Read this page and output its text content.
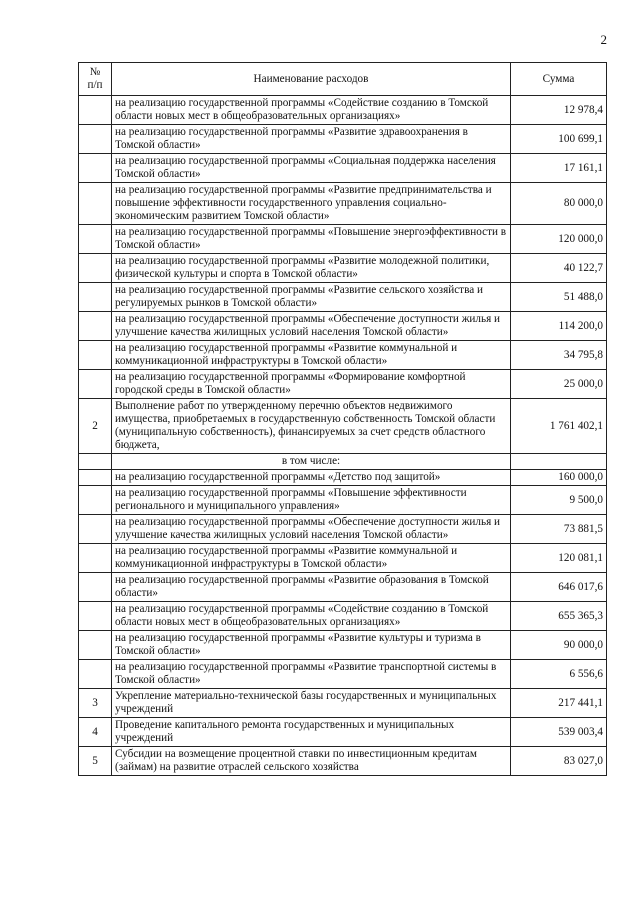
2
№
п/п	Наименование расходов	Сумма
	на реализацию государственной программы «Содействие созданию в Томской области новых мест в общеобразовательных организациях»	12 978,4
	на реализацию государственной программы «Развитие здравоохранения в Томской области»	100 699,1
	на реализацию государственной программы «Социальная поддержка населения Томской области»	17 161,1
	на реализацию государственной программы «Развитие предпринимательства и повышение эффективности государственного управления социально-экономическим развитием Томской области»	80 000,0
	на реализацию государственной программы «Повышение энергоэффективности в Томской области»	120 000,0
	на реализацию государственной программы «Развитие молодежной политики, физической культуры и спорта в Томской области»	40 122,7
	на реализацию государственной программы «Развитие сельского хозяйства и регулируемых рынков в Томской области»	51 488,0
	на реализацию государственной программы «Обеспечение доступности жилья и улучшение качества жилищных условий населения Томской области»	114 200,0
	на реализацию государственной программы «Развитие коммунальной и коммуникационной инфраструктуры в Томской области»	34 795,8
	на реализацию государственной программы «Формирование комфортной городской среды в Томской области»	25 000,0
2	Выполнение работ по утвержденному перечню объектов недвижимого имущества, приобретаемых в государственную собственность Томской области (муниципальную собственность), финансируемых за счет средств областного бюджета,	1 761 402,1
	в том числе:	
	на реализацию государственной программы «Детство под защитой»	160 000,0
	на реализацию государственной программы «Повышение эффективности регионального и муниципального управления»	9 500,0
	на реализацию государственной программы «Обеспечение доступности жилья и улучшение качества жилищных условий населения Томской области»	73 881,5
	на реализацию государственной программы «Развитие коммунальной и коммуникационной инфраструктуры в Томской области»	120 081,1
	на реализацию государственной программы «Развитие образования в Томской области»	646 017,6
	на реализацию государственной программы «Содействие созданию в Томской области новых мест в общеобразовательных организациях»	655 365,3
	на реализацию государственной программы «Развитие культуры и туризма в Томской области»	90 000,0
	на реализацию государственной программы «Развитие транспортной системы в Томской области»	6 556,6
3	Укрепление материально-технической базы государственных и муниципальных учреждений	217 441,1
4	Проведение капитального ремонта государственных и муниципальных учреждений	539 003,4
5	Субсидии на возмещение процентной ставки по инвестиционным кредитам (займам) на развитие отраслей сельского хозяйства	83 027,0
